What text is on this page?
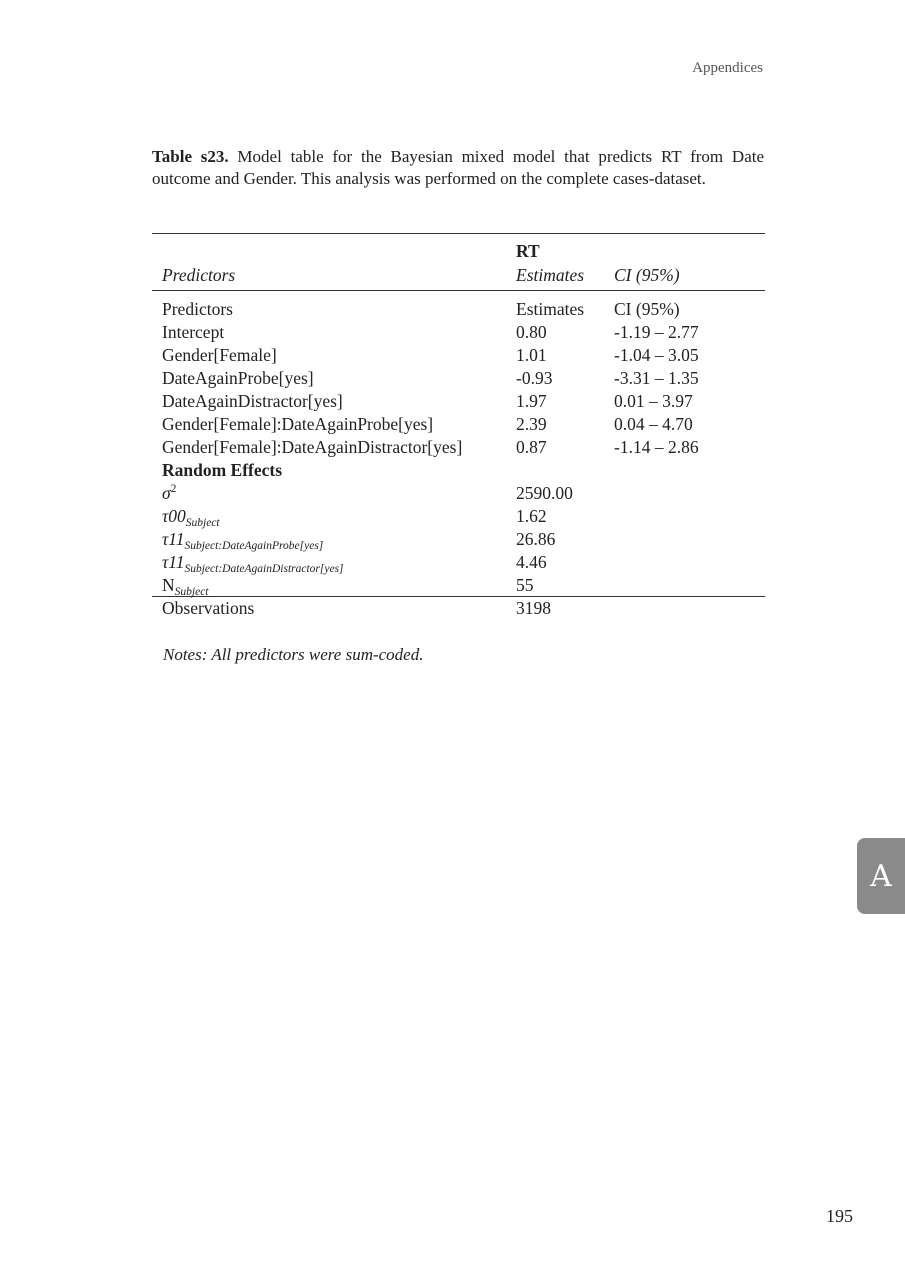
Appendices
Table s23. Model table for the Bayesian mixed model that predicts RT from Date outcome and Gender. This analysis was performed on the complete cases-dataset.
	RT	
Predictors	Estimates	CI (95%)
Predictors	Estimates	CI (95%)
Intercept	0.80	-1.19 – 2.77
Gender[Female]	1.01	-1.04 – 3.05
DateAgainProbe[yes]	-0.93	-3.31 – 1.35
DateAgainDistractor[yes]	1.97	0.01 – 3.97
Gender[Female]:DateAgainProbe[yes]	2.39	0.04 – 4.70
Gender[Female]:DateAgainDistractor[yes]	0.87	-1.14 – 2.86
Random Effects		
$\sigma^2$	2590.00	
$\tau 00_{Subject}$	1.62	
$\tau 11_{Subject:DateAgainProbe[yes]}$	26.86	
$\tau 11_{Subject:DateAgainDistractor[yes]}$	4.46	
$N_{Subject}$	55	
Observations	3198	
Notes: All predictors were sum-coded.
A
195
